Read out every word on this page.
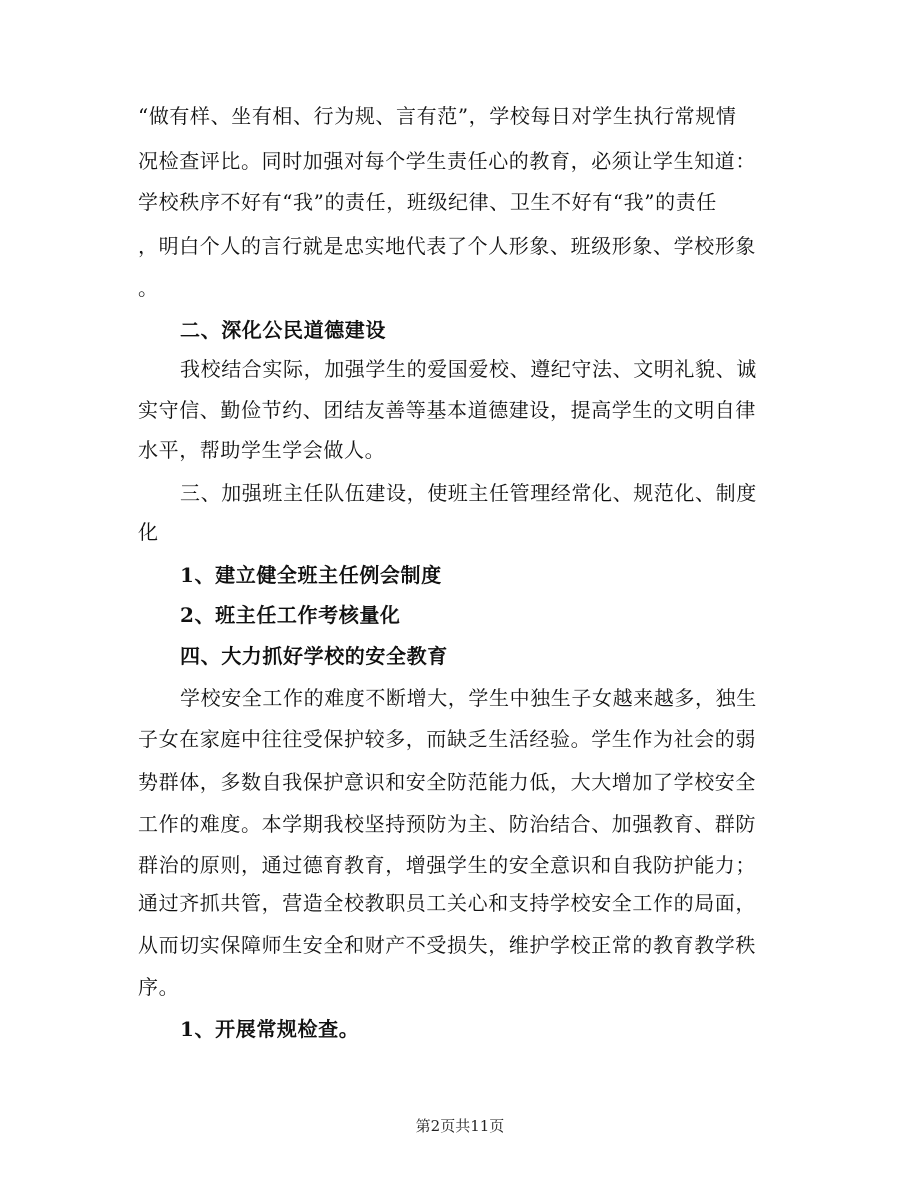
“做有样、坐有相、行为规、言有范”，学校每日对学生执行常规情
况检查评比。同时加强对每个学生责任心的教育，必须让学生知道：
学校秩序不好有“我”的责任，班级纪律、卫生不好有“我”的责任
，明白个人的言行就是忠实地代表了个人形象、班级形象、学校形象
。
二、深化公民道德建设
我校结合实际，加强学生的爱国爱校、遵纪守法、文明礼貌、诚
实守信、勤俭节约、团结友善等基本道德建设，提高学生的文明自律
水平，帮助学生学会做人。
三、加强班主任队伍建设，使班主任管理经常化、规范化、制度
化
1、建立健全班主任例会制度
2、班主任工作考核量化
四、大力抓好学校的安全教育
学校安全工作的难度不断增大，学生中独生子女越来越多，独生
子女在家庭中往往受保护较多，而缺乏生活经验。学生作为社会的弱
势群体，多数自我保护意识和安全防范能力低，大大增加了学校安全
工作的难度。本学期我校坚持预防为主、防治结合、加强教育、群防
群治的原则，通过德育教育，增强学生的安全意识和自我防护能力；
通过齐抓共管，营造全校教职员工关心和支持学校安全工作的局面，
从而切实保障师生安全和财产不受损失，维护学校正常的教育教学秩
序。
1、开展常规检查。
第2页共11页
